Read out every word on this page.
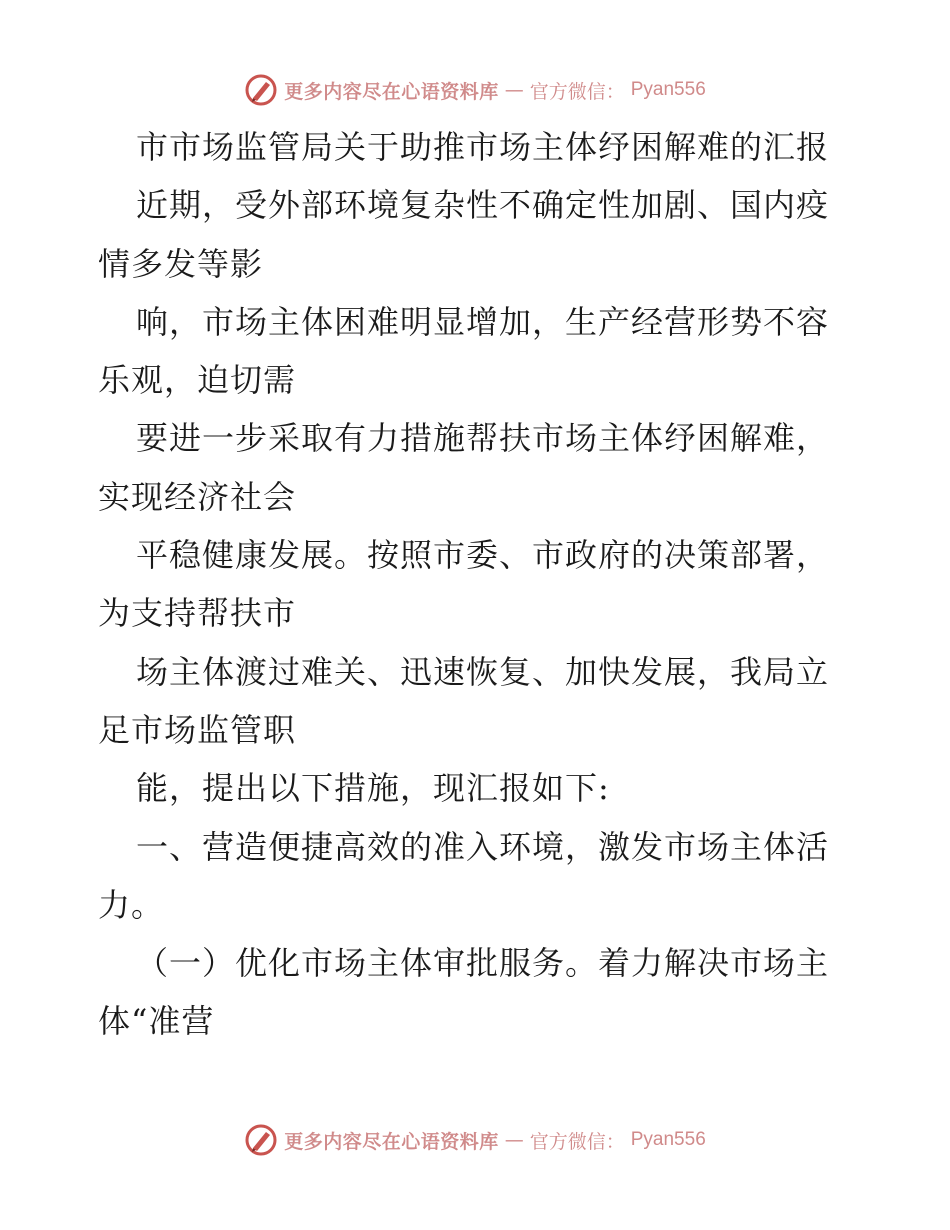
更多内容尽在心语资料库 — 官方微信： Pyan556
市市场监管局关于助推市场主体纾困解难的汇报
近期，受外部环境复杂性不确定性加剧、国内疫
情多发等影
响，市场主体困难明显增加，生产经营形势不容
乐观，迫切需
要进一步采取有力措施帮扶市场主体纾困解难，
实现经济社会
平稳健康发展。按照市委、市政府的决策部署，
为支持帮扶市
场主体渡过难关、迅速恢复、加快发展，我局立
足市场监管职
能，提出以下措施，现汇报如下:
一、营造便捷高效的准入环境，激发市场主体活
力。
（一）优化市场主体审批服务。着力解决市场主
体“准营
更多内容尽在心语资料库 — 官方微信： Pyan556
